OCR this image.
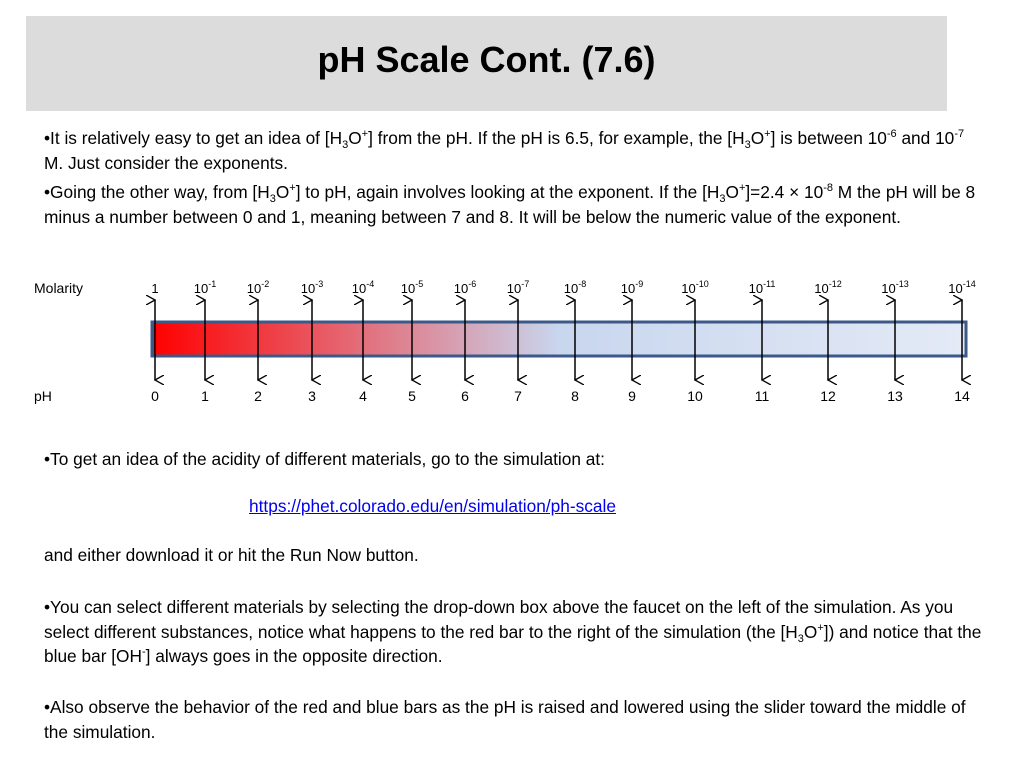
pH Scale Cont. (7.6)
•It is relatively easy to get an idea of $[H_3O^+]$ from the pH. If the pH is 6.5, for example, the $[H_3O^+]$ is between $10^{-6}$ and $10^{-7}$ M. Just consider the exponents.
•Going the other way, from $[H_3O^+]$ to pH, again involves looking at the exponent. If the $[H_3O^+]=2.4 \times 10^{-8}$ M the pH will be 8 minus a number between 0 and 1, meaning between 7 and 8. It will be below the numeric value of the exponent.
Molarity
pH
1	$10^{-1}$ $10^{-2}$ $10^{-3}$ $10^{-4}$ $10^{-5}$ $10^{-6}$ $10^{-7}$	$10^{-8}$	$10^{-9}$	$10^{-10}$	$10^{-11}$	$10^{-12}$	$10^{-13}$	$10^{-14}$
0	1	2	3	4	5	6	7	8	9	10	11	12	13	14
•To get an idea of the acidity of different materials, go to the simulation at:
https://phet.colorado.edu/en/simulation/ph-scale
and either download it or hit the Run Now button.
•You can select different materials by selecting the drop-down box above the faucet on the left of the simulation. As you select different substances, notice what happens to the red bar to the right of the simulation (the $[H_3O^+]$) and notice that the blue bar [OH-] always goes in the opposite direction.
•Also observe the behavior of the red and blue bars as the pH is raised and lowered using the slider toward the middle of the simulation.
